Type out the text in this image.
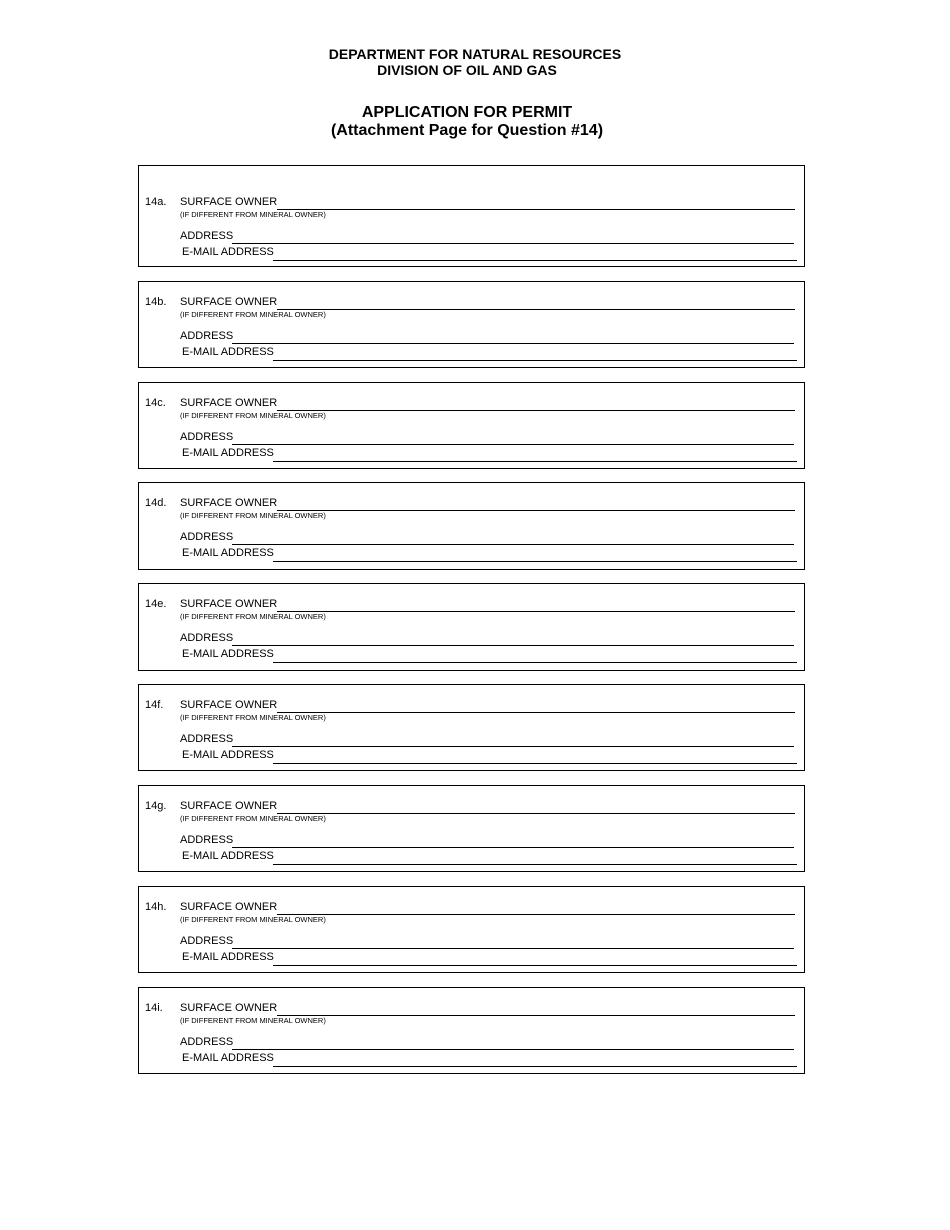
DEPARTMENT FOR NATURAL RESOURCES
DIVISION OF OIL AND GAS
APPLICATION FOR PERMIT
(Attachment Page for Question #14)
14a. SURFACE OWNER
(IF DIFFERENT FROM MINERAL OWNER)
ADDRESS
E-MAIL ADDRESS
14b. SURFACE OWNER
(IF DIFFERENT FROM MINERAL OWNER)
ADDRESS
E-MAIL ADDRESS
14c. SURFACE OWNER
(IF DIFFERENT FROM MINERAL OWNER)
ADDRESS
E-MAIL ADDRESS
14d. SURFACE OWNER
(IF DIFFERENT FROM MINERAL OWNER)
ADDRESS
E-MAIL ADDRESS
14e. SURFACE OWNER
(IF DIFFERENT FROM MINERAL OWNER)
ADDRESS
E-MAIL ADDRESS
14f. SURFACE OWNER
(IF DIFFERENT FROM MINERAL OWNER)
ADDRESS
E-MAIL ADDRESS
14g. SURFACE OWNER
(IF DIFFERENT FROM MINERAL OWNER)
ADDRESS
E-MAIL ADDRESS
14h. SURFACE OWNER
(IF DIFFERENT FROM MINERAL OWNER)
ADDRESS
E-MAIL ADDRESS
14i. SURFACE OWNER
(IF DIFFERENT FROM MINERAL OWNER)
ADDRESS
E-MAIL ADDRESS
